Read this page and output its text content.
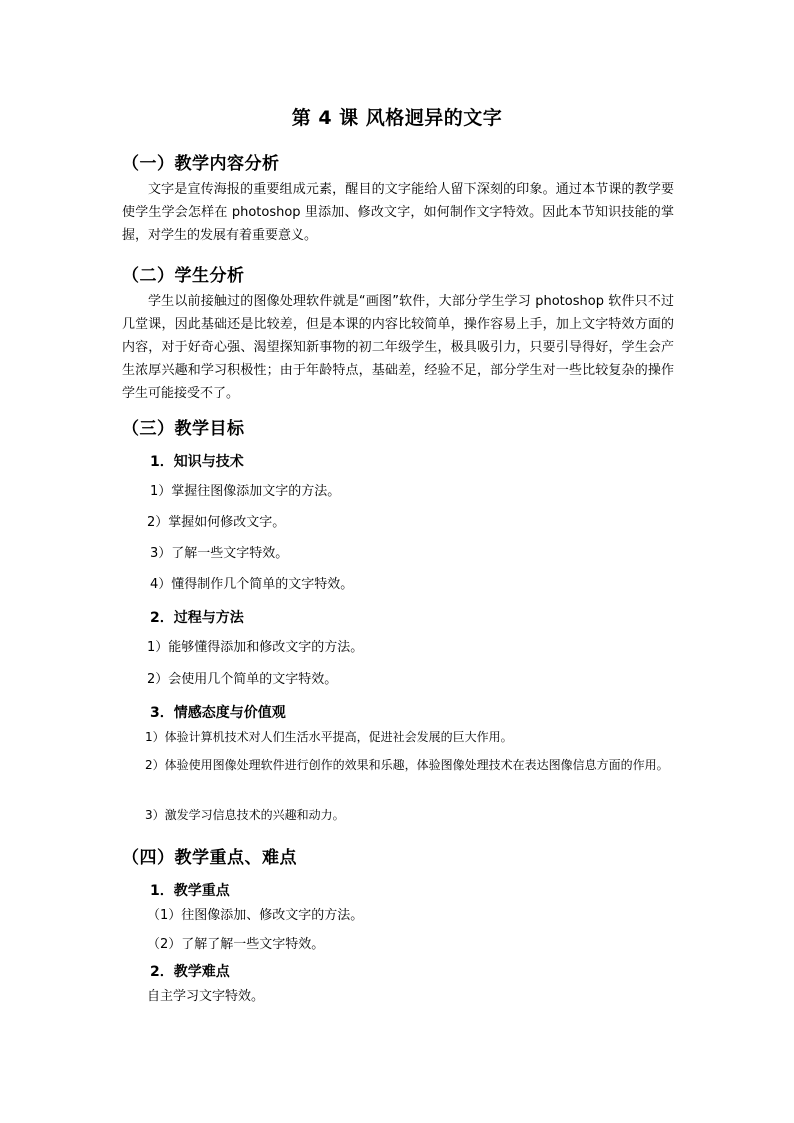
第 4 课 风格迥异的文字
（一）教学内容分析
文字是宣传海报的重要组成元素，醒目的文字能给人留下深刻的印象。通过本节课的教学要使学生学会怎样在 photoshop 里添加、修改文字，如何制作文字特效。因此本节知识技能的掌握，对学生的发展有着重要意义。
（二）学生分析
学生以前接触过的图像处理软件就是“画图”软件，大部分学生学习 photoshop 软件只不过几堂课，因此基础还是比较差，但是本课的内容比较简单，操作容易上手，加上文字特效方面的内容，对于好奇心强、渴望探知新事物的初二年级学生，极具吸引力，只要引导得好，学生会产生浓厚兴趣和学习积极性；由于年龄特点，基础差，经验不足，部分学生对一些比较复杂的操作学生可能接受不了。
（三）教学目标
1．知识与技术
1）掌握往图像添加文字的方法。
2）掌握如何修改文字。
3）了解一些文字特效。
4）懂得制作几个简单的文字特效。
2．过程与方法
1）能够懂得添加和修改文字的方法。
2）会使用几个简单的文字特效。
3．情感态度与价值观
1）体验计算机技术对人们生活水平提高，促进社会发展的巨大作用。
2）体验使用图像处理软件进行创作的效果和乐趣，体验图像处理技术在表达图像信息方面的作用。
3）激发学习信息技术的兴趣和动力。
（四）教学重点、难点
1．教学重点
（1）往图像添加、修改文字的方法。
（2）了解了解一些文字特效。
2．教学难点
自主学习文字特效。
